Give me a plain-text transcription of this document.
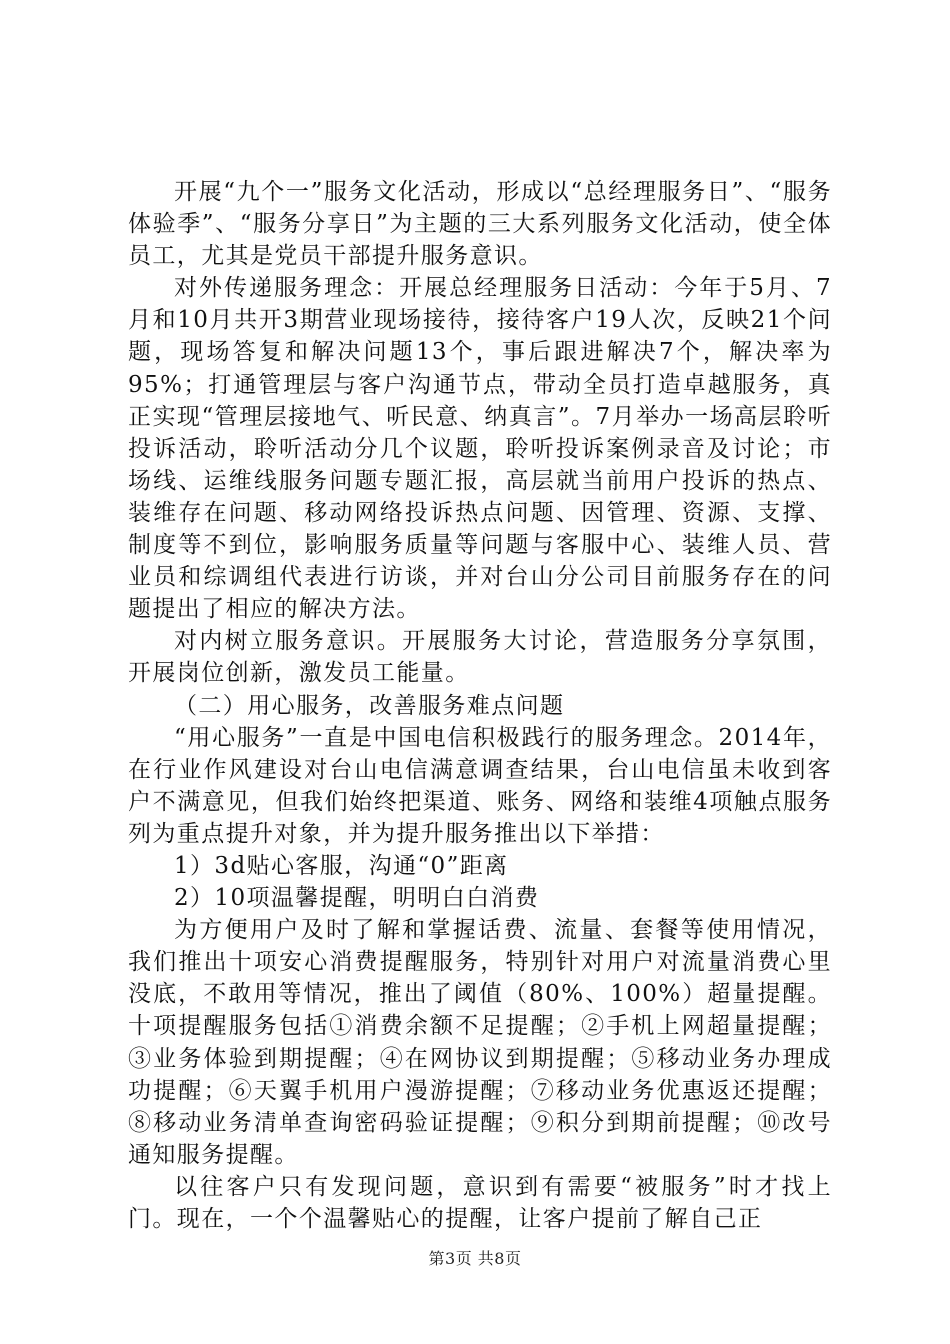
开展“九个一”服务文化活动，形成以“总经理服务日”、“服务体验季”、“服务分享日”为主题的三大系列服务文化活动，使全体员工，尤其是党员干部提升服务意识。

对外传递服务理念：开展总经理服务日活动：今年于5月、7月和10月共开3期营业现场接待，接待客户19人次，反映21个问题，现场答复和解决问题13个，事后跟进解决7个，解决率为95%；打通管理层与客户沟通节点，带动全员打造卓越服务，真正实现“管理层接地气、听民意、纳真言”。7月举办一场高层聆听投诉活动，聆听活动分几个议题，聆听投诉案例录音及讨论；市场线、运维线服务问题专题汇报，高层就当前用户投诉的热点、装维存在问题、移动网络投诉热点问题、因管理、资源、支撑、制度等不到位，影响服务质量等问题与客服中心、装维人员、营业员和综调组代表进行访谈，并对台山分公司目前服务存在的问题提出了相应的解决方法。

对内树立服务意识。开展服务大讨论，营造服务分享氛围，开展岗位创新，激发员工能量。

（二）用心服务，改善服务难点问题

“用心服务”一直是中国电信积极践行的服务理念。2014年，在行业作风建设对台山电信满意调查结果，台山电信虽未收到客户不满意见，但我们始终把渠道、账务、网络和装维4项触点服务列为重点提升对象，并为提升服务推出以下举措：

1）3d贴心客服，沟通“0”距离

2）10项温馨提醒，明明白白消费

为方便用户及时了解和掌握话费、流量、套餐等使用情况，我们推出十项安心消费提醒服务，特别针对用户对流量消费心里没底，不敢用等情况，推出了阈值（80%、100%）超量提醒。十项提醒服务包括①消费余额不足提醒；②手机上网超量提醒；③业务体验到期提醒；④在网协议到期提醒；⑤移动业务办理成功提醒；⑥天翼手机用户漫游提醒；⑦移动业务优惠返还提醒；⑧移动业务清单查询密码验证提醒；⑨积分到期前提醒；⑩改号通知服务提醒。

以往客户只有发现问题，意识到有需要“被服务”时才找上门。现在，一个个温馨贴心的提醒，让客户提前了解自己正

第3页 共8页
